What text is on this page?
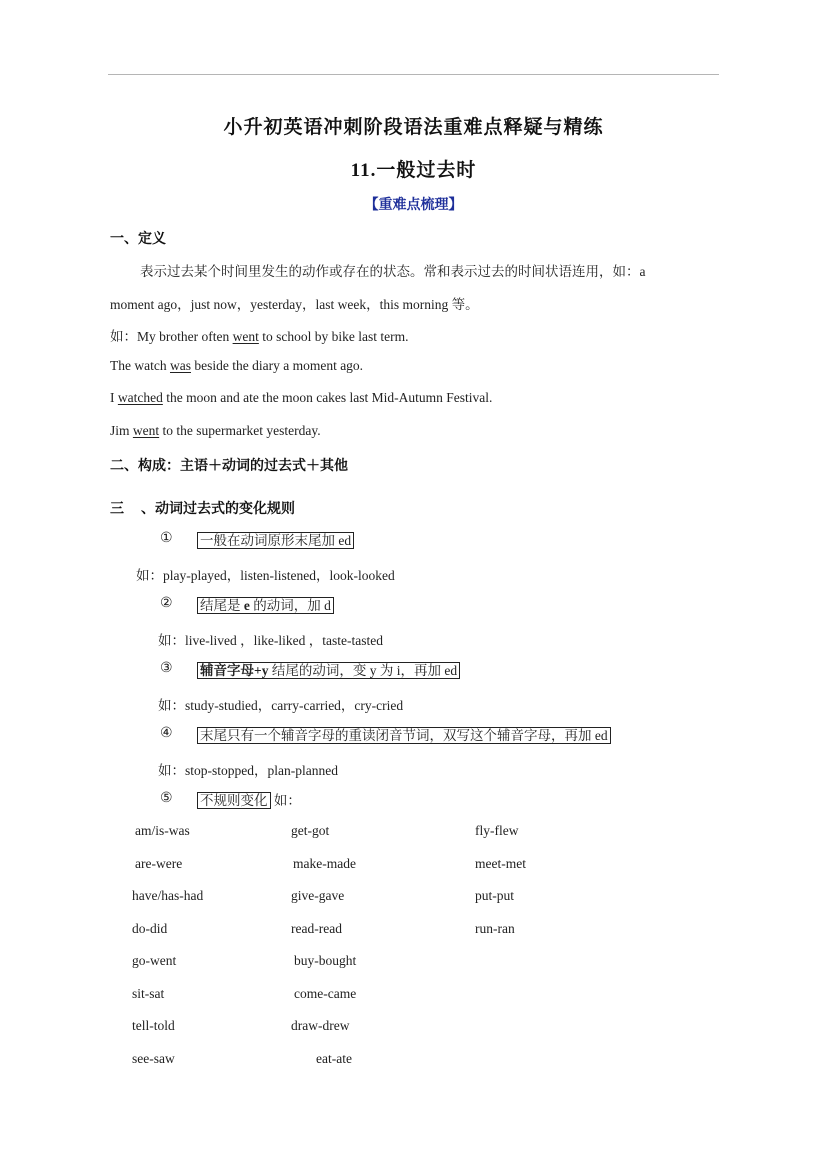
小升初英语冲刺阶段语法重难点释疑与精练
11.一般过去时
【重难点梳理】
一、定义
表示过去某个时间里发生的动作或存在的状态。常和表示过去的时间状语连用，如：a
moment ago，just now，yesterday，last week，this morning 等。
如：My brother often went to school by bike last term.
The watch was beside the diary a moment ago.
I watched the moon and ate the moon cakes last Mid-Autumn Festival.
Jim went to the supermarket yesterday.
二、构成：主语＋动词的过去式＋其他
三 、动词过去式的变化规则
① 一般在动词原形末尾加 ed
如：play-played，listen-listened，look-looked
② 结尾是 e 的动词，加 d
如：live-lived ，like-liked ，taste-tasted
③ 辅音字母+y 结尾的动词，变 y 为 i，再加 ed
如：study-studied，carry-carried，cry-cried
④ 末尾只有一个辅音字母的重读闭音节词，双写这个辅音字母，再加 ed
如：stop-stopped，plan-planned
⑤ 不规则变化 如：
am/is-was	get-got	fly-flew
are-were	make-made	meet-met
have/has-had	give-gave	put-put
do-did	read-read	run-ran
go-went	buy-bought
sit-sat	come-came
tell-told	draw-drew
see-saw	eat-ate
